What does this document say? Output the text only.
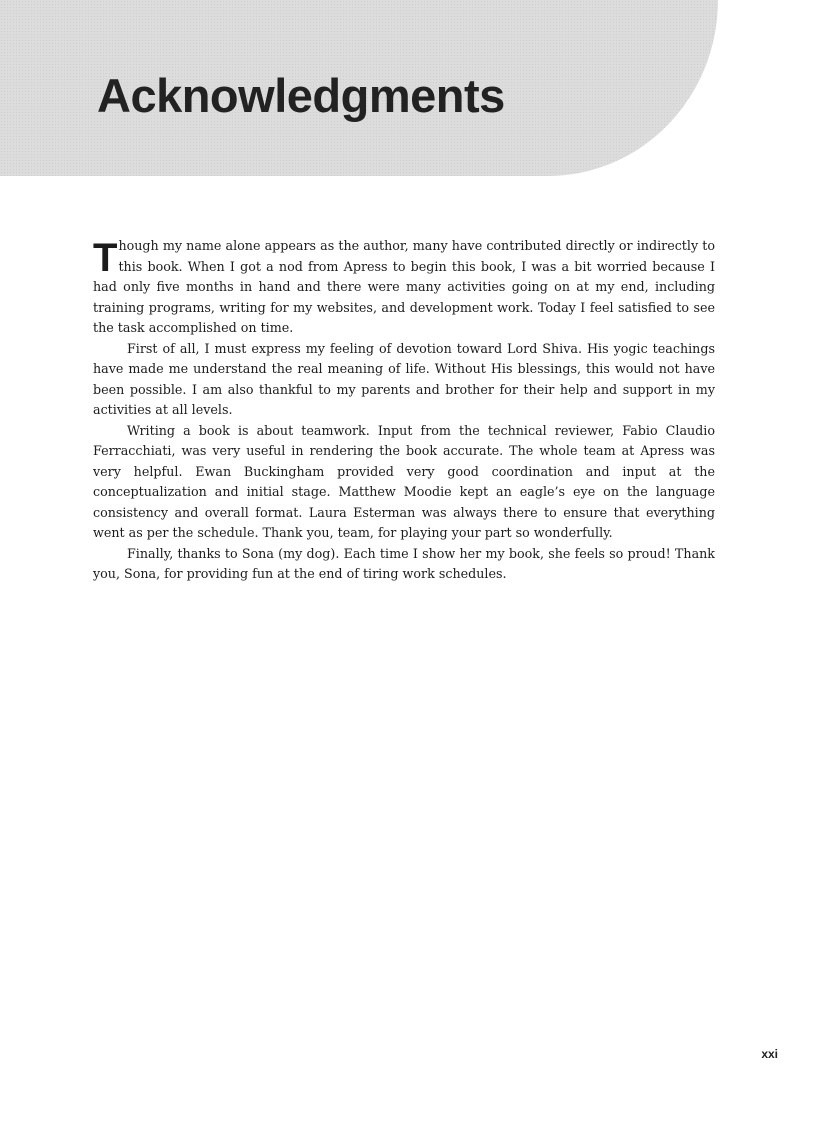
Acknowledgments

Though my name alone appears as the author, many have contributed directly or indirectly to this book. When I got a nod from Apress to begin this book, I was a bit worried because I had only five months in hand and there were many activities going on at my end, including training programs, writing for my websites, and development work. Today I feel satisfied to see the task accomplished on time.

First of all, I must express my feeling of devotion toward Lord Shiva. His yogic teachings have made me understand the real meaning of life. Without His blessings, this would not have been possible. I am also thankful to my parents and brother for their help and support in my activities at all levels.

Writing a book is about teamwork. Input from the technical reviewer, Fabio Claudio Ferracchiati, was very useful in rendering the book accurate. The whole team at Apress was very helpful. Ewan Buckingham provided very good coordination and input at the conceptualization and initial stage. Matthew Moodie kept an eagle’s eye on the language consistency and overall format. Laura Esterman was always there to ensure that everything went as per the schedule. Thank you, team, for playing your part so wonderfully.

Finally, thanks to Sona (my dog). Each time I show her my book, she feels so proud! Thank you, Sona, for providing fun at the end of tiring work schedules.

xxi
